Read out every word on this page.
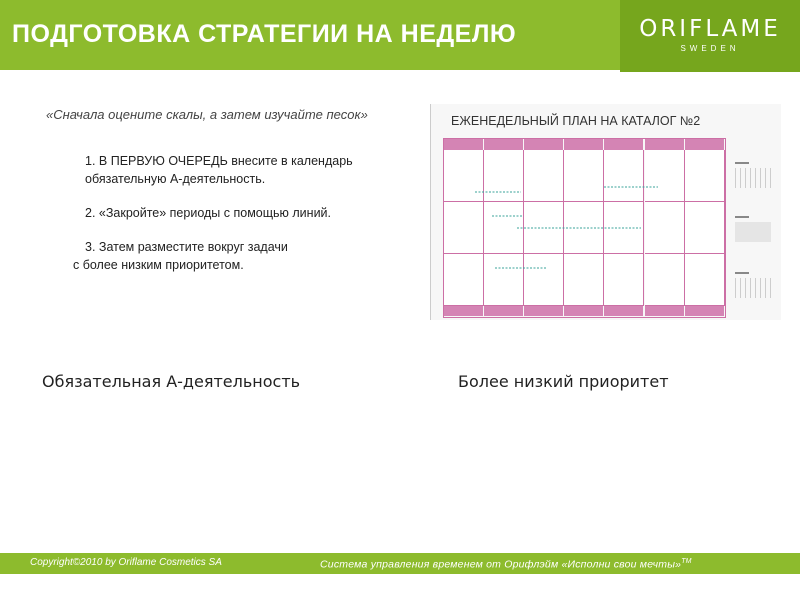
ПОДГОТОВКА СТРАТЕГИИ НА НЕДЕЛЮ	ORIFLAME
SWEDEN
«Сначала оцените скалы, а затем изучайте песок»

1. В ПЕРВУЮ ОЧЕРЕДЬ внесите в календарь

обязательную А-деятельность.

2. «Закройте» периоды с помощью линий.

3. Затем разместите вокруг задачи

с более низким приоритетом.

ЕЖЕНЕДЕЛЬНЫЙ ПЛАН НА КАТАЛОГ №2
Обязательная А-деятельность	Более низкий приоритет
Copyright©2010 by Oriflame Cosmetics SA	Система управления временем от Орифлэйм «Исполни свои мечты»™
